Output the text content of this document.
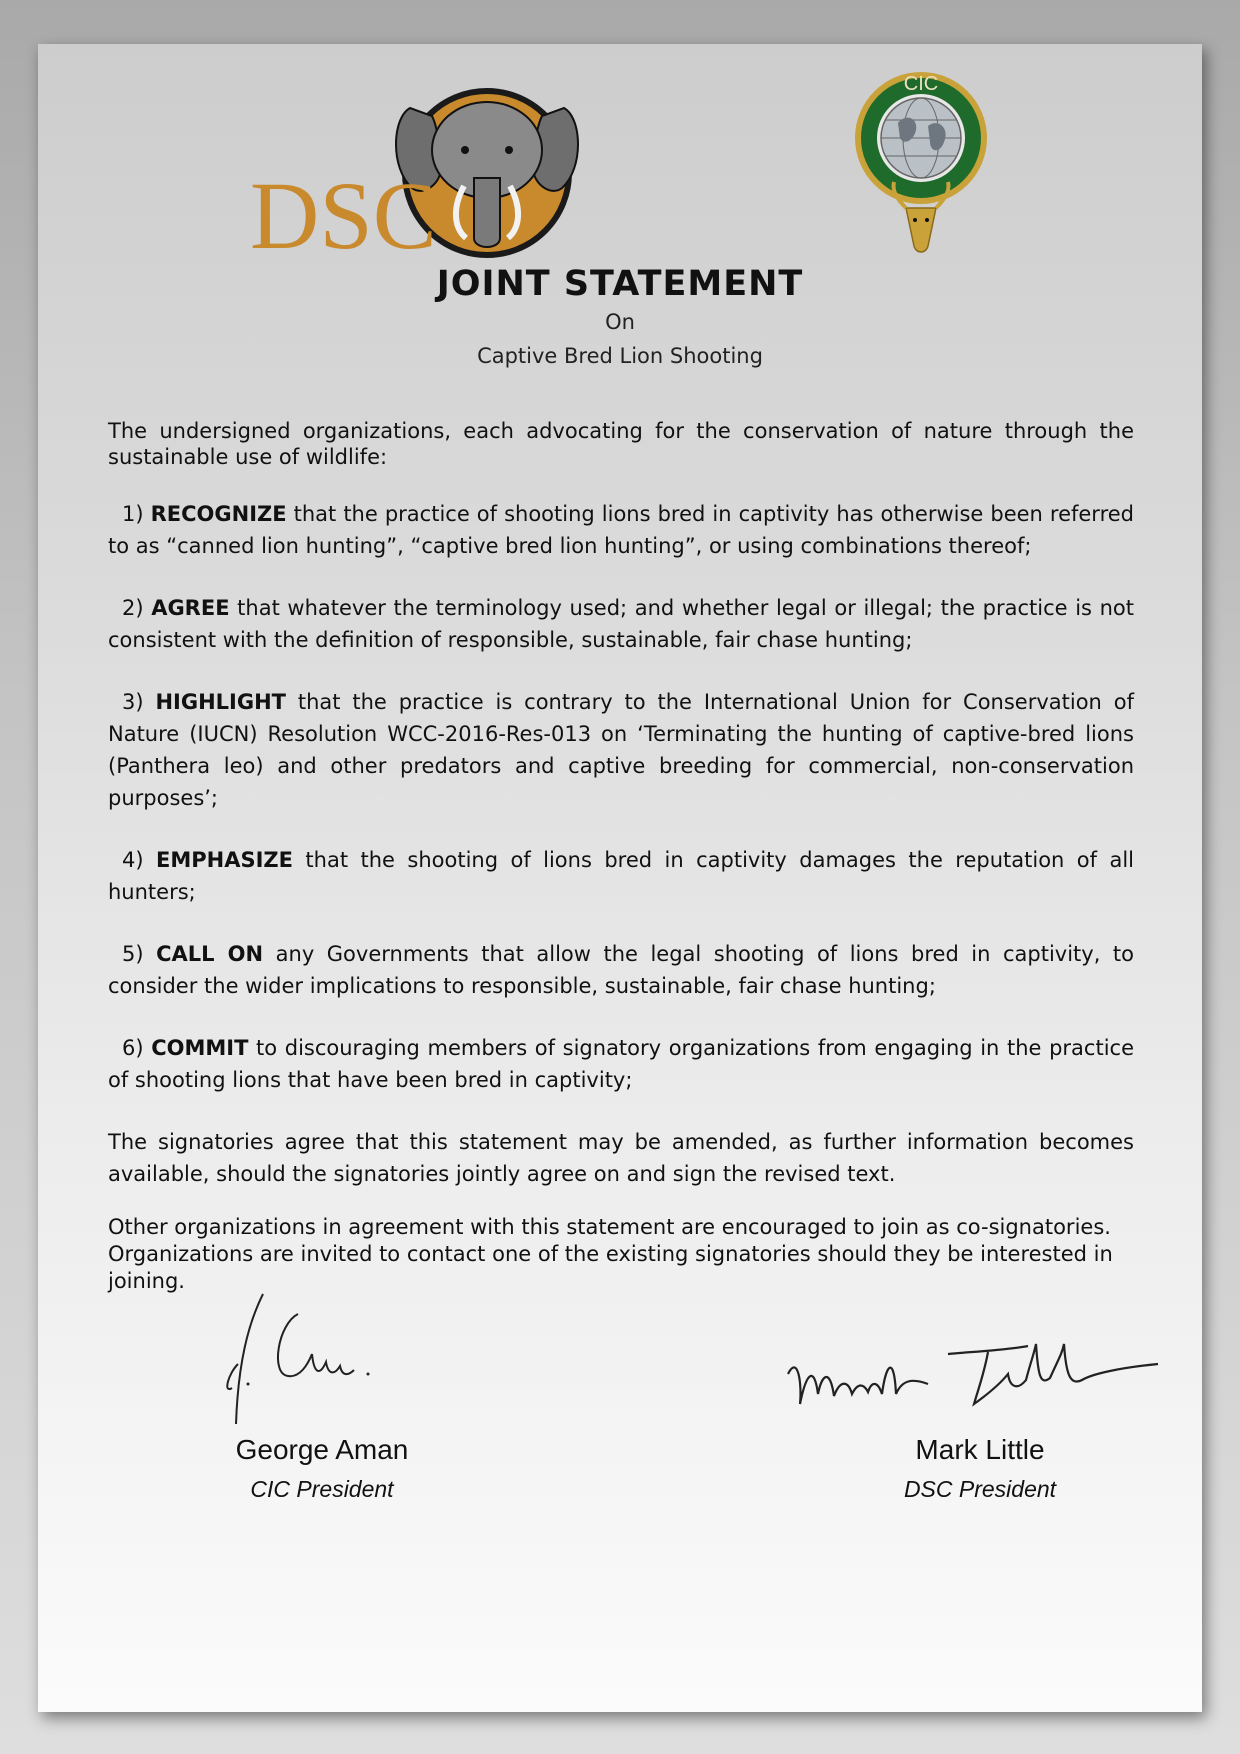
DSC
CIC
JOINT STATEMENT
On
Captive Bred Lion Shooting

The undersigned organizations, each advocating for the conservation of nature through the sustainable use of wildlife:

1) RECOGNIZE that the practice of shooting lions bred in captivity has otherwise been referred to as “canned lion hunting”, “captive bred lion hunting”, or using combinations thereof;

2) AGREE that whatever the terminology used; and whether legal or illegal; the practice is not consistent with the definition of responsible, sustainable, fair chase hunting;

3) HIGHLIGHT that the practice is contrary to the International Union for Conservation of Nature (IUCN) Resolution WCC-2016-Res-013 on ‘Terminating the hunting of captive-bred lions (Panthera leo) and other predators and captive breeding for commercial, non-conservation purposes’;

4) EMPHASIZE that the shooting of lions bred in captivity damages the reputation of all hunters;

5) CALL ON any Governments that allow the legal shooting of lions bred in captivity, to consider the wider implications to responsible, sustainable, fair chase hunting;

6) COMMIT to discouraging members of signatory organizations from engaging in the practice of shooting lions that have been bred in captivity;

The signatories agree that this statement may be amended, as further information becomes available, should the signatories jointly agree on and sign the revised text.

Other organizations in agreement with this statement are encouraged to join as co-signatories. Organizations are invited to contact one of the existing signatories should they be interested in joining.

George Aman
CIC President
Mark Little
DSC President
